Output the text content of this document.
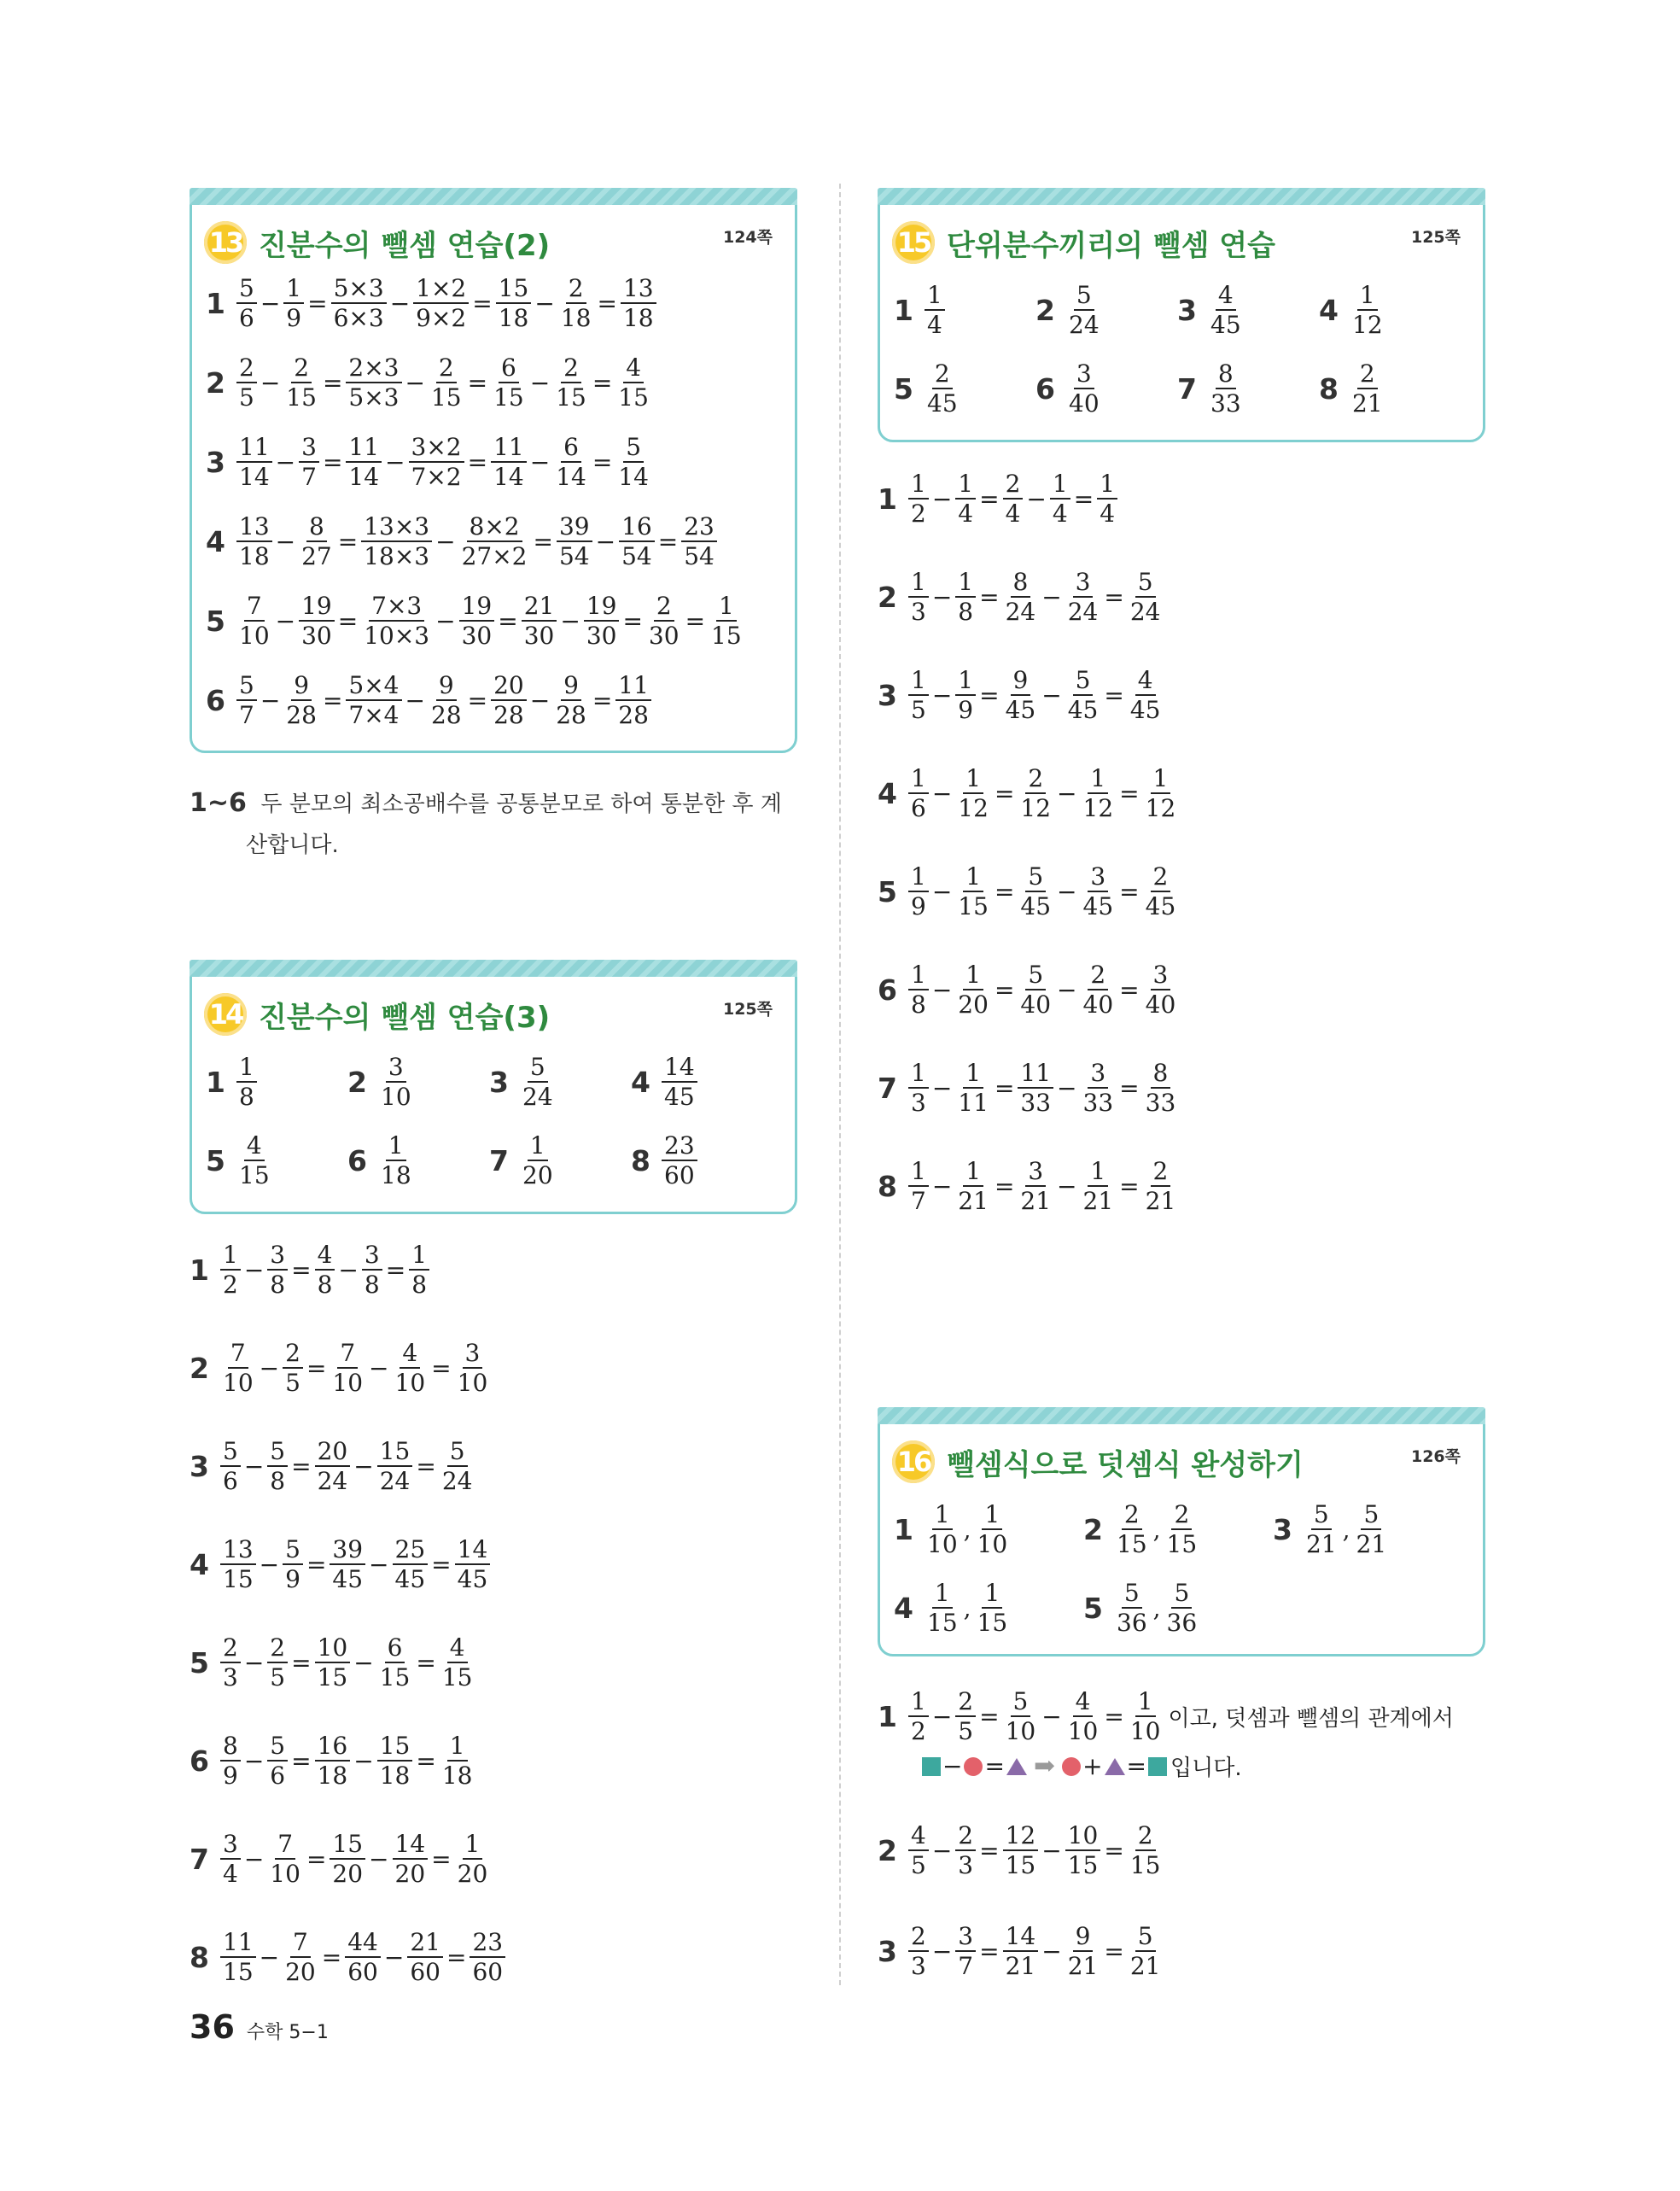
13 진분수의 뺄셈 연습(2)	124쪽
$1 \frac{5}{6} - \frac{1}{9} = \frac{5\times 3}{6\times 3} - \frac{1\times 2}{9\times 2} = \frac{15}{18} - \frac{2}{18} = \frac{13}{18}$
$2 \frac{2}{5} - \frac{2}{15} = \frac{2\times 3}{5\times 3} - \frac{2}{15} = \frac{6}{15} - \frac{2}{15} = \frac{4}{15}$
$3 \frac{11}{14} - \frac{3}{7} = \frac{11}{14} - \frac{3\times 2}{7\times 2} = \frac{11}{14} - \frac{6}{14} = \frac{5}{14}$
$4 \frac{13}{18} - \frac{8}{27} = \frac{13\times 3}{18\times 3} - \frac{8\times 2}{27\times 2} = \frac{39}{54} - \frac{16}{54} = \frac{23}{54}$
$5 \frac{7}{10} - \frac{19}{30} = \frac{7\times 3}{10\times 3} - \frac{19}{30} = \frac{21}{30} - \frac{19}{30} = \frac{2}{30} = \frac{1}{15}$
$6 \frac{5}{7} - \frac{9}{28} = \frac{5\times 4}{7\times 4} - \frac{9}{28} = \frac{20}{28} - \frac{9}{28} = \frac{11}{28}$
1~6 두 분모의 최소공배수를 공통분모로 하여 통분한 후 계
산합니다.
14 진분수의 뺄셈 연습(3)	125쪽
$1 \frac{1}{8}$	$2 \frac{3}{10}$	$3 \frac{5}{24}$	$4 \frac{14}{45}$
$5 \frac{4}{15}$	$6 \frac{1}{18}$	$7 \frac{1}{20}$	$8 \frac{23}{60}$
$1 \frac{1}{2} - \frac{3}{8} = \frac{4}{8} - \frac{3}{8} = \frac{1}{8}$
$2 \frac{7}{10} - \frac{2}{5} = \frac{7}{10} - \frac{4}{10} = \frac{3}{10}$
$3 \frac{5}{6} - \frac{5}{8} = \frac{20}{24} - \frac{15}{24} = \frac{5}{24}$
$4 \frac{13}{15} - \frac{5}{9} = \frac{39}{45} - \frac{25}{45} = \frac{14}{45}$
$5 \frac{2}{3} - \frac{2}{5} = \frac{10}{15} - \frac{6}{15} = \frac{4}{15}$
$6 \frac{8}{9} - \frac{5}{6} = \frac{16}{18} - \frac{15}{18} = \frac{1}{18}$
$7 \frac{3}{4} - \frac{7}{10} = \frac{15}{20} - \frac{14}{20} = \frac{1}{20}$
$8 \frac{11}{15} - \frac{7}{20} = \frac{44}{60} - \frac{21}{60} = \frac{23}{60}$
15 단위분수끼리의 뺄셈 연습	125쪽
$1 \frac{1}{4}$	$2 \frac{5}{24}$	$3 \frac{4}{45}$	$4 \frac{1}{12}$
$5 \frac{2}{45}$	$6 \frac{3}{40}$	$7 \frac{8}{33}$	$8 \frac{2}{21}$
$1 \frac{1}{2} - \frac{1}{4} = \frac{2}{4} - \frac{1}{4} = \frac{1}{4}$
$2 \frac{1}{3} - \frac{1}{8} = \frac{8}{24} - \frac{3}{24} = \frac{5}{24}$
$3 \frac{1}{5} - \frac{1}{9} = \frac{9}{45} - \frac{5}{45} = \frac{4}{45}$
$4 \frac{1}{6} - \frac{1}{12} = \frac{2}{12} - \frac{1}{12} = \frac{1}{12}$
$5 \frac{1}{9} - \frac{1}{15} = \frac{5}{45} - \frac{3}{45} = \frac{2}{45}$
$6 \frac{1}{8} - \frac{1}{20} = \frac{5}{40} - \frac{2}{40} = \frac{3}{40}$
$7 \frac{1}{3} - \frac{1}{11} = \frac{11}{33} - \frac{3}{33} = \frac{8}{33}$
$8 \frac{1}{7} - \frac{1}{21} = \frac{3}{21} - \frac{1}{21} = \frac{2}{21}$
16 뺄셈식으로 덧셈식 완성하기	126쪽
$1 \frac{1}{10}$ , $\frac{1}{10}$	$2 \frac{2}{15}$ , $\frac{2}{15}$	$3 \frac{5}{21}$ , $\frac{5}{21}$
$4 \frac{1}{15}$ , $\frac{1}{15}$	$5 \frac{5}{36}$ , $\frac{5}{36}$
$1 \frac{1}{2} - \frac{2}{5} = \frac{5}{10} - \frac{4}{10} = \frac{1}{10}$ 이고, 덧셈과 뺄셈의 관계에서
− = ➡ + = 입니다.
$2 \frac{4}{5} - \frac{2}{3} = \frac{12}{15} - \frac{10}{15} = \frac{2}{15}$
$3 \frac{2}{3} - \frac{3}{7} = \frac{14}{21} - \frac{9}{21} = \frac{5}{21}$
36 수학 5−1
